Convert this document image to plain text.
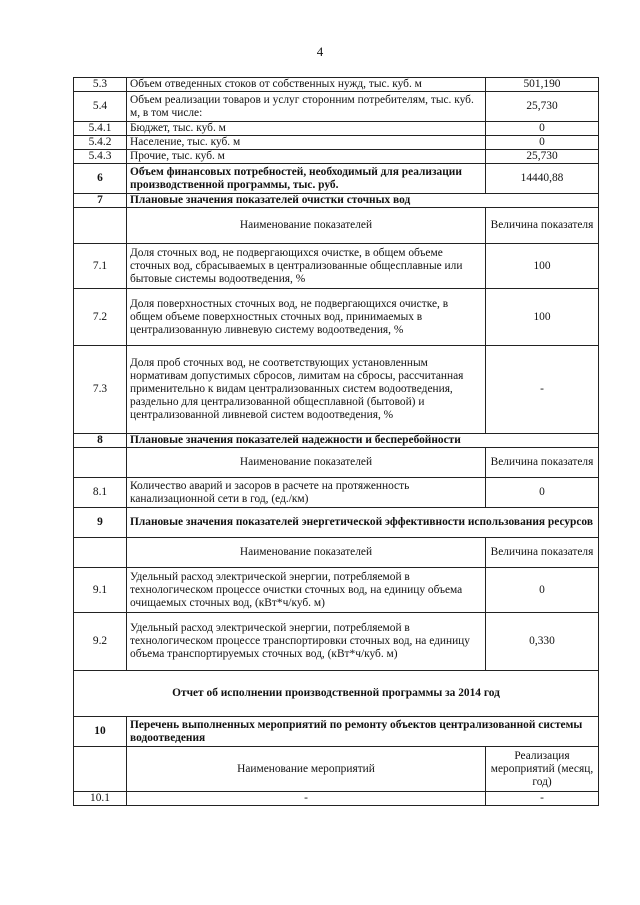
4
5.3	Объем отведенных стоков от собственных нужд, тыс. куб. м	501,190
5.4	Объем реализации товаров и услуг сторонним потребителям, тыс. куб. м, в том числе:	25,730
5.4.1	Бюджет, тыс. куб. м	0
5.4.2	Население, тыс. куб. м	0
5.4.3	Прочие, тыс. куб. м	25,730
6	Объем финансовых потребностей, необходимый для реализации производственной программы, тыс. руб.	14440,88
7	Плановые значения показателей очистки сточных вод	
	Наименование показателей	Величина показателя
7.1	Доля сточных вод, не подвергающихся очистке, в общем объеме сточных вод, сбрасываемых в централизованные общесплавные или бытовые системы водоотведения, %	100
7.2	Доля поверхностных сточных вод, не подвергающихся очистке, в общем объеме поверхностных сточных вод, принимаемых в централизованную ливневую систему водоотведения, %	100
7.3	Доля проб сточных вод, не соответствующих установленным нормативам допустимых сбросов, лимитам на сбросы, рассчитанная применительно к видам централизованных систем водоотведения, раздельно для централизованной общесплавной (бытовой) и централизованной ливневой систем водоотведения, %	-
8	Плановые значения показателей надежности и бесперебойности	
	Наименование показателей	Величина показателя
8.1	Количество аварий и засоров в расчете на протяженность канализационной сети в год, (ед./км)	0
9	Плановые значения показателей энергетической эффективности использования ресурсов	
	Наименование показателей	Величина показателя
9.1	Удельный расход электрической энергии, потребляемой в технологическом процессе очистки сточных вод, на единицу объема очищаемых сточных вод, (кВт*ч/куб. м)	0
9.2	Удельный расход электрической энергии, потребляемой в технологическом процессе транспортировки сточных вод, на единицу объема транспортируемых сточных вод, (кВт*ч/куб. м)	0,330
Отчет об исполнении производственной программы за 2014 год		
10	Перечень выполненных мероприятий по ремонту объектов централизованной системы водоотведения	
	Наименование мероприятий	Реализация мероприятий (месяц, год)
10.1	-	-
